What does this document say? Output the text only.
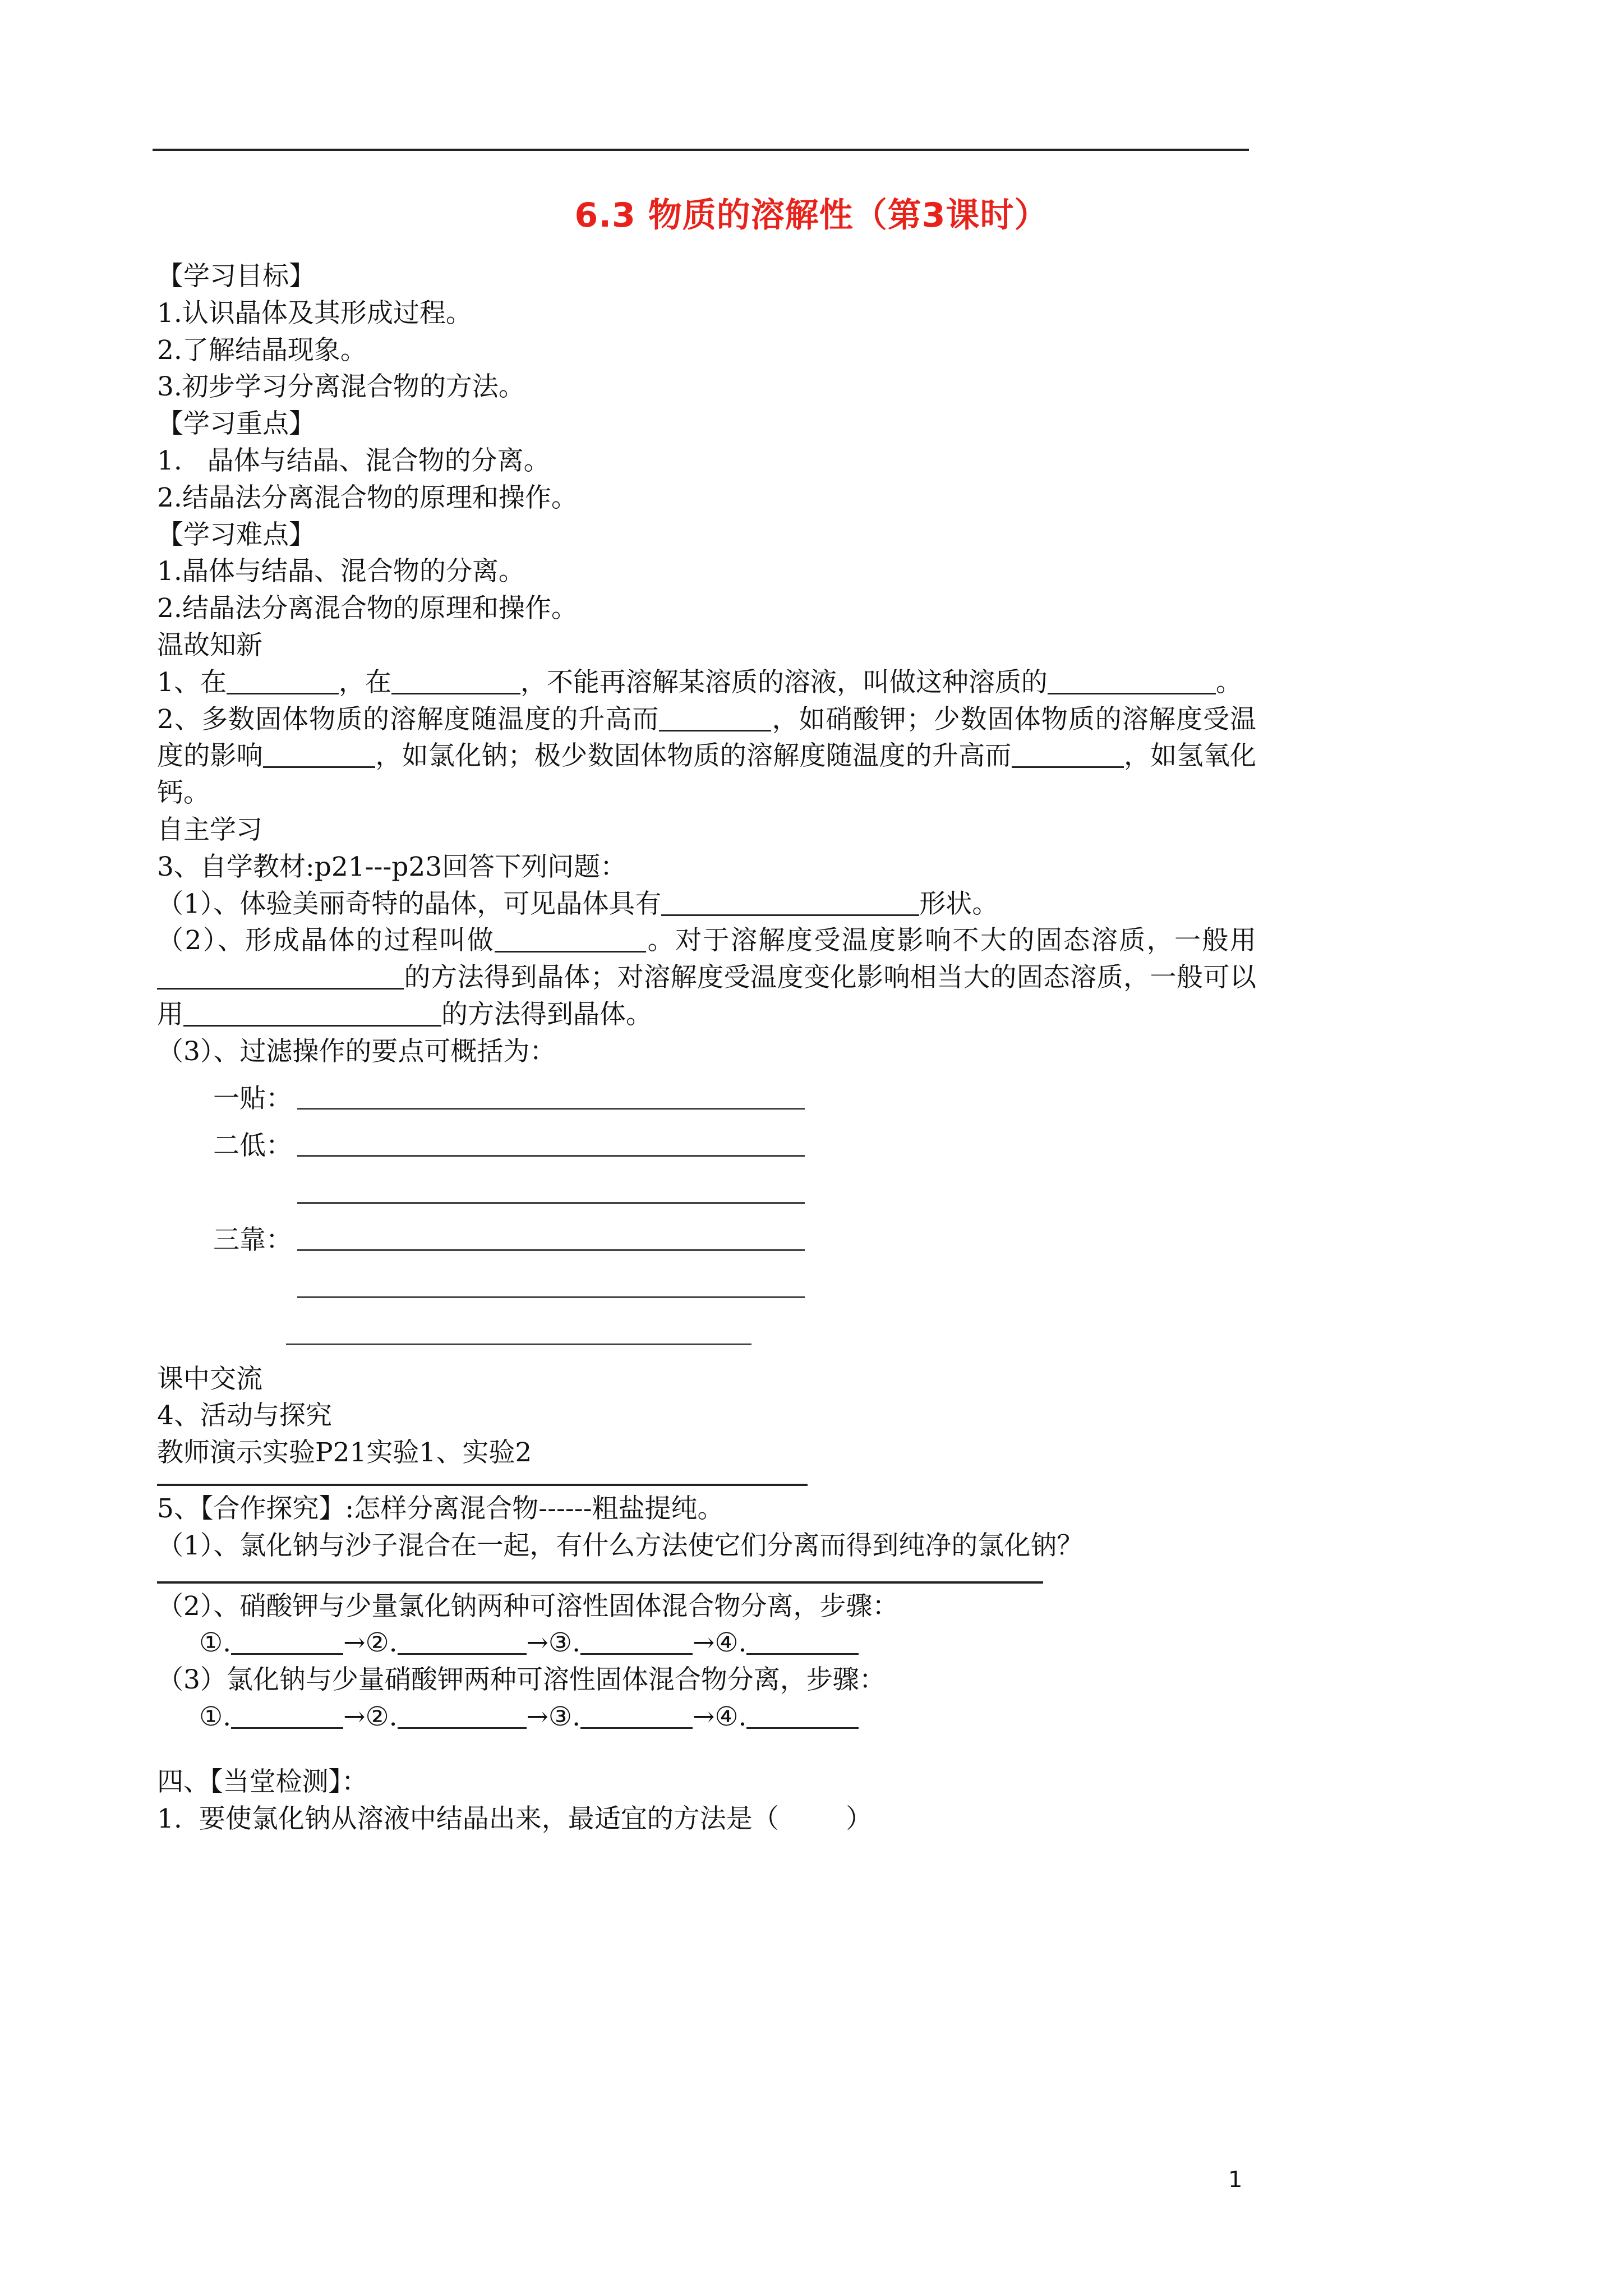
6.3 物质的溶解性（第3课时）
【学习目标】
1.认识晶体及其形成过程。
2.了解结晶现象。
3.初步学习分离混合物的方法。
【学习重点】
1.   晶体与结晶、混合物的分离。
2.结晶法分离混合物的原理和操作。
【学习难点】
1.晶体与结晶、混合物的分离。
2.结晶法分离混合物的原理和操作。
温故知新
1、在	，在	，不能再溶解某溶质的溶液，叫做这种溶质的	。
2、多数固体物质的溶解度随温度的升高而	，如硝酸钾；少数固体物质的溶解度受温度的影响	，如氯化钠；极少数固体物质的溶解度随温度的升高而	，如氢氧化钙。
自主学习
3、自学教材:p21---p23回答下列问题：
（1）、体验美丽奇特的晶体，可见晶体具有	形状。
（2）、形成晶体的过程叫做	。对于溶解度受温度影响不大的固态溶质，一般用的方法得到晶体；对溶解度受温度变化影响相当大的固态溶质，一般可以用	的方法得到晶体。
（3）、过滤操作的要点可概括为：
一贴：
二低：
三靠：
课中交流
4、活动与探究
教师演示实验P21实验1、实验2
5、【合作探究】:怎样分离混合物------粗盐提纯。
（1）、氯化钠与沙子混合在一起，有什么方法使它们分离而得到纯净的氯化钠？
（2）、硝酸钾与少量氯化钠两种可溶性固体混合物分离，步骤：
①.	→②.	→③.	→④.
（3）氯化钠与少量硝酸钾两种可溶性固体混合物分离，步骤：
①.	→②.	→③.	→④.
四、【当堂检测】：
1.  要使氯化钠从溶液中结晶出来，最适宜的方法是（        ）
1
